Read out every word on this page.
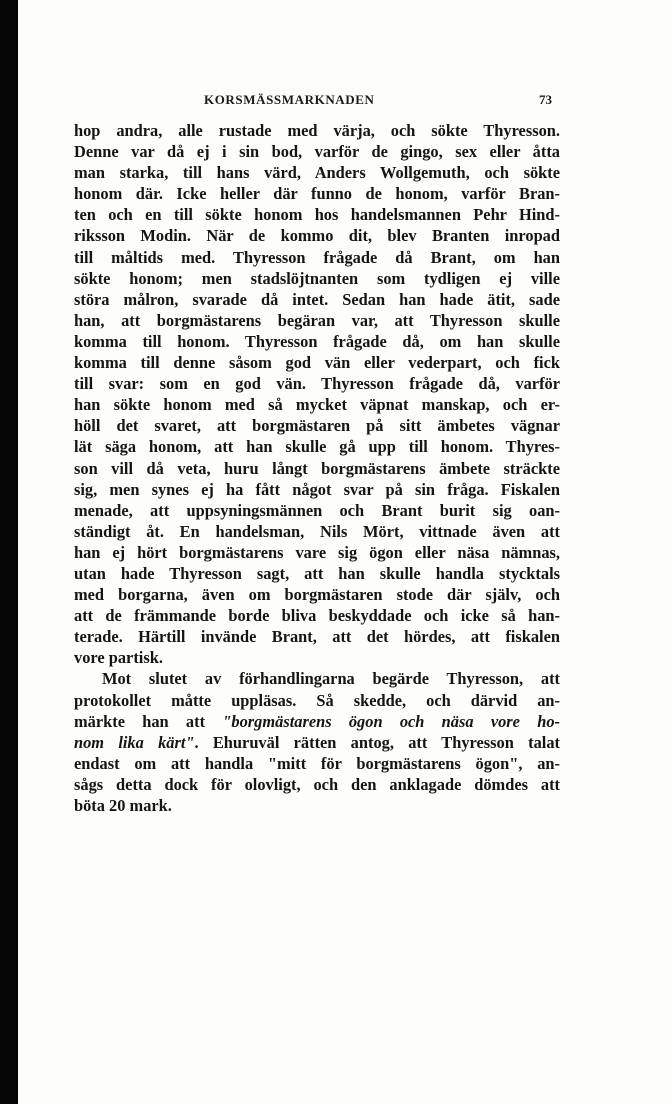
KORSMÄSSMARKNADEN	73
hop andra, alle rustade med värja, och sökte Thyresson.
Denne var då ej i sin bod, varför de gingo, sex eller åtta
man starka, till hans värd, Anders Wollgemuth, och sökte
honom där. Icke heller där funno de honom, varför Bran-
ten och en till sökte honom hos handelsmannen Pehr Hind-
riksson Modin. När de kommo dit, blev Branten inropad
till måltids med. Thyresson frågade då Brant, om han
sökte honom; men stadslöjtnanten som tydligen ej ville
störa målron, svarade då intet. Sedan han hade ätit, sade
han, att borgmästarens begäran var, att Thyresson skulle
komma till honom. Thyresson frågade då, om han skulle
komma till denne såsom god vän eller vederpart, och fick
till svar: som en god vän. Thyresson frågade då, varför
han sökte honom med så mycket väpnat manskap, och er-
höll det svaret, att borgmästaren på sitt ämbetes vägnar
lät säga honom, att han skulle gå upp till honom. Thyres-
son vill då veta, huru långt borgmästarens ämbete sträckte
sig, men synes ej ha fått något svar på sin fråga. Fiskalen
menade, att uppsyningsmännen och Brant burit sig oan-
ständigt åt. En handelsman, Nils Mört, vittnade även att
han ej hört borgmästarens vare sig ögon eller näsa nämnas,
utan hade Thyresson sagt, att han skulle handla stycktals
med borgarna, även om borgmästaren stode där själv, och
att de främmande borde bliva beskyddade och icke så han-
terade. Härtill invände Brant, att det hördes, att fiskalen
vore partisk.
Mot slutet av förhandlingarna begärde Thyresson, att
protokollet måtte uppläsas. Så skedde, och därvid an-
märkte han att "borgmästarens ögon och näsa vore ho-
nom lika kärt". Ehuruväl rätten antog, att Thyresson talat
endast om att handla "mitt för borgmästarens ögon", an-
sågs detta dock för olovligt, och den anklagade dömdes att
böta 20 mark.
